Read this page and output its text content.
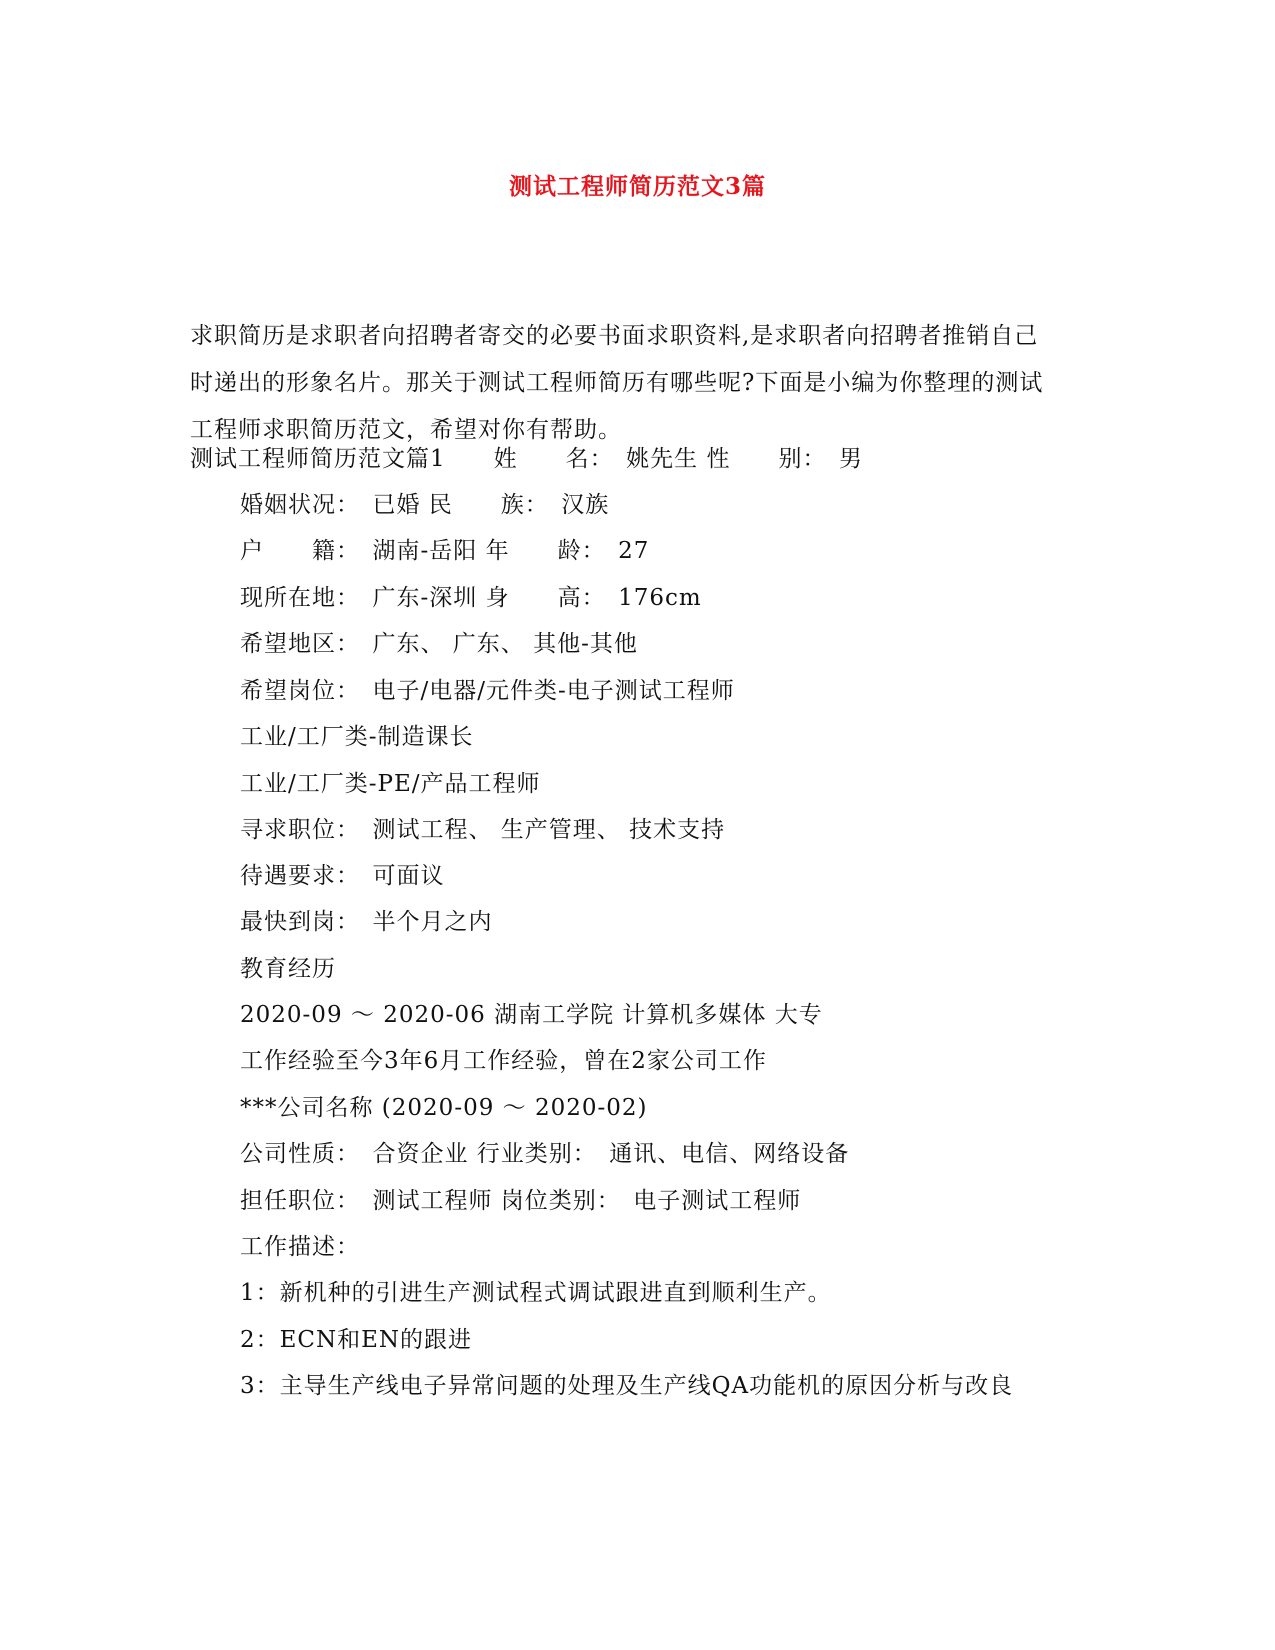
测试工程师简历范文3篇

求职简历是求职者向招聘者寄交的必要书面求职资料,是求职者向招聘者推销自己

时递出的形象名片。那关于测试工程师简历有哪些呢?下面是小编为你整理的测试

工程师求职简历范文，希望对你有帮助。

测试工程师简历范文篇1　　姓　　名：　姚先生 性　　别：　男
婚姻状况：　已婚 民　　族：　汉族
户　　籍：　湖南-岳阳 年　　龄：　27
现所在地：　广东-深圳 身　　高：　176cm
希望地区：　广东、 广东、 其他-其他
希望岗位：　电子/电器/元件类-电子测试工程师
工业/工厂类-制造课长
工业/工厂类-PE/产品工程师
寻求职位：　测试工程、 生产管理、 技术支持
待遇要求：　可面议
最快到岗：　半个月之内
教育经历
2020-09 ～ 2020-06 湖南工学院 计算机多媒体 大专
工作经验至今3年6月工作经验，曾在2家公司工作
***公司名称 (2020-09 ～ 2020-02)
公司性质：　合资企业 行业类别：　通讯、电信、网络设备
担任职位：　测试工程师 岗位类别：　电子测试工程师
工作描述：
1：新机种的引进生产测试程式调试跟进直到顺利生产。
2：ECN和EN的跟进
3：主导生产线电子异常问题的处理及生产线QA功能机的原因分析与改良
